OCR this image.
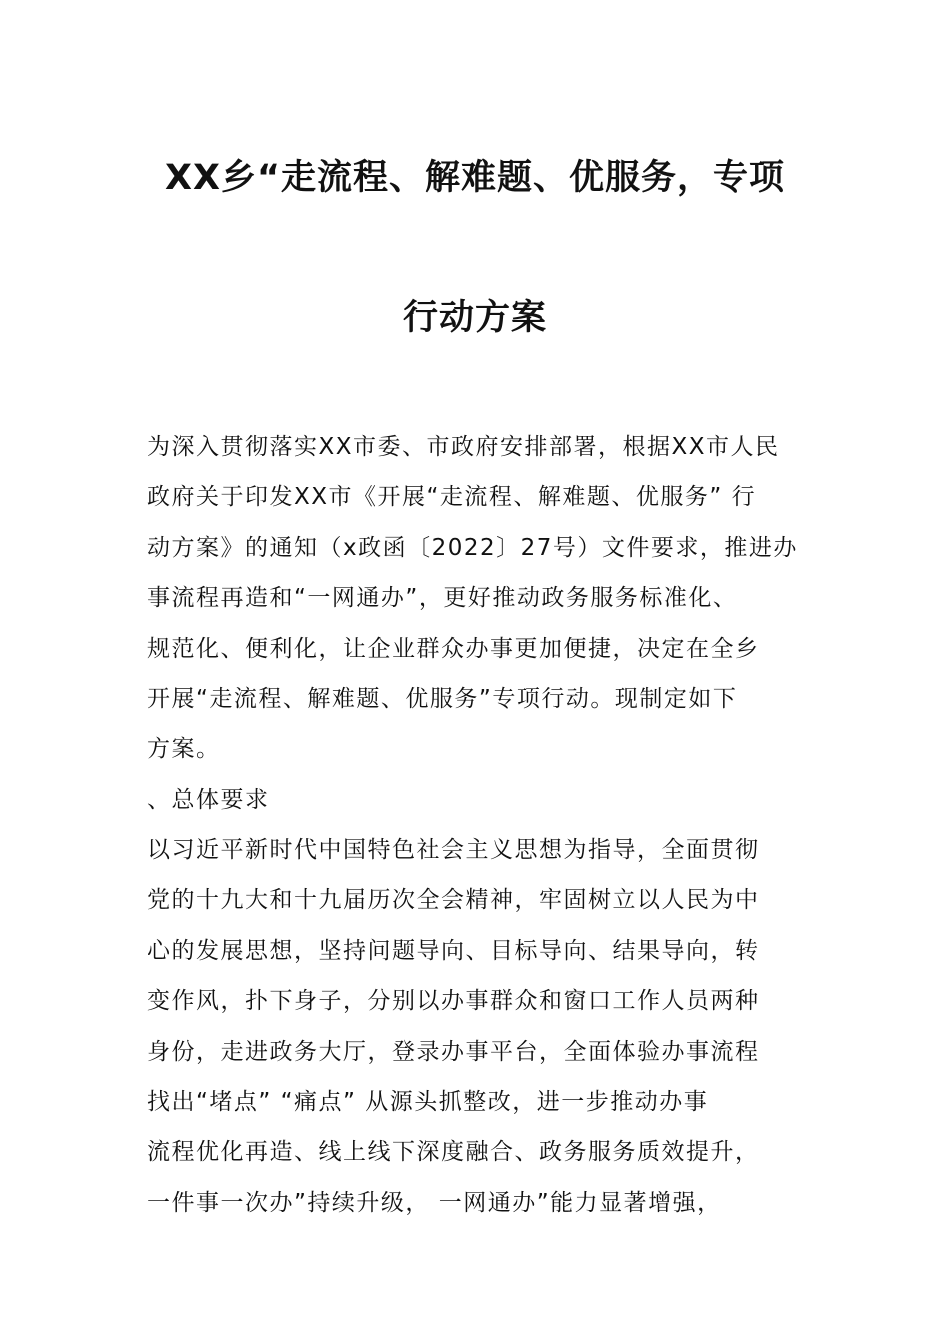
XX乡“走流程、解难题、优服务，专项
行动方案
为深入贯彻落实XX市委、市政府安排部署，根据XX市人民
政府关于印发XX市《开展“走流程、解难题、优服务” 行
动方案》的通知（x政函〔2022〕27号）文件要求，推进办
事流程再造和“一网通办”，更好推动政务服务标准化、
规范化、便利化，让企业群众办事更加便捷，决定在全乡
开展“走流程、解难题、优服务”专项行动。现制定如下
方案。
、总体要求
以习近平新时代中国特色社会主义思想为指导，全面贯彻
党的十九大和十九届历次全会精神，牢固树立以人民为中
心的发展思想，坚持问题导向、目标导向、结果导向，转
变作风，扑下身子，分别以办事群众和窗口工作人员两种
身份，走进政务大厅，登录办事平台，全面体验办事流程
找出“堵点” “痛点” 从源头抓整改，进一步推动办事
流程优化再造、线上线下深度融合、政务服务质效提升，
一件事一次办”持续升级， 一网通办”能力显著增强，
